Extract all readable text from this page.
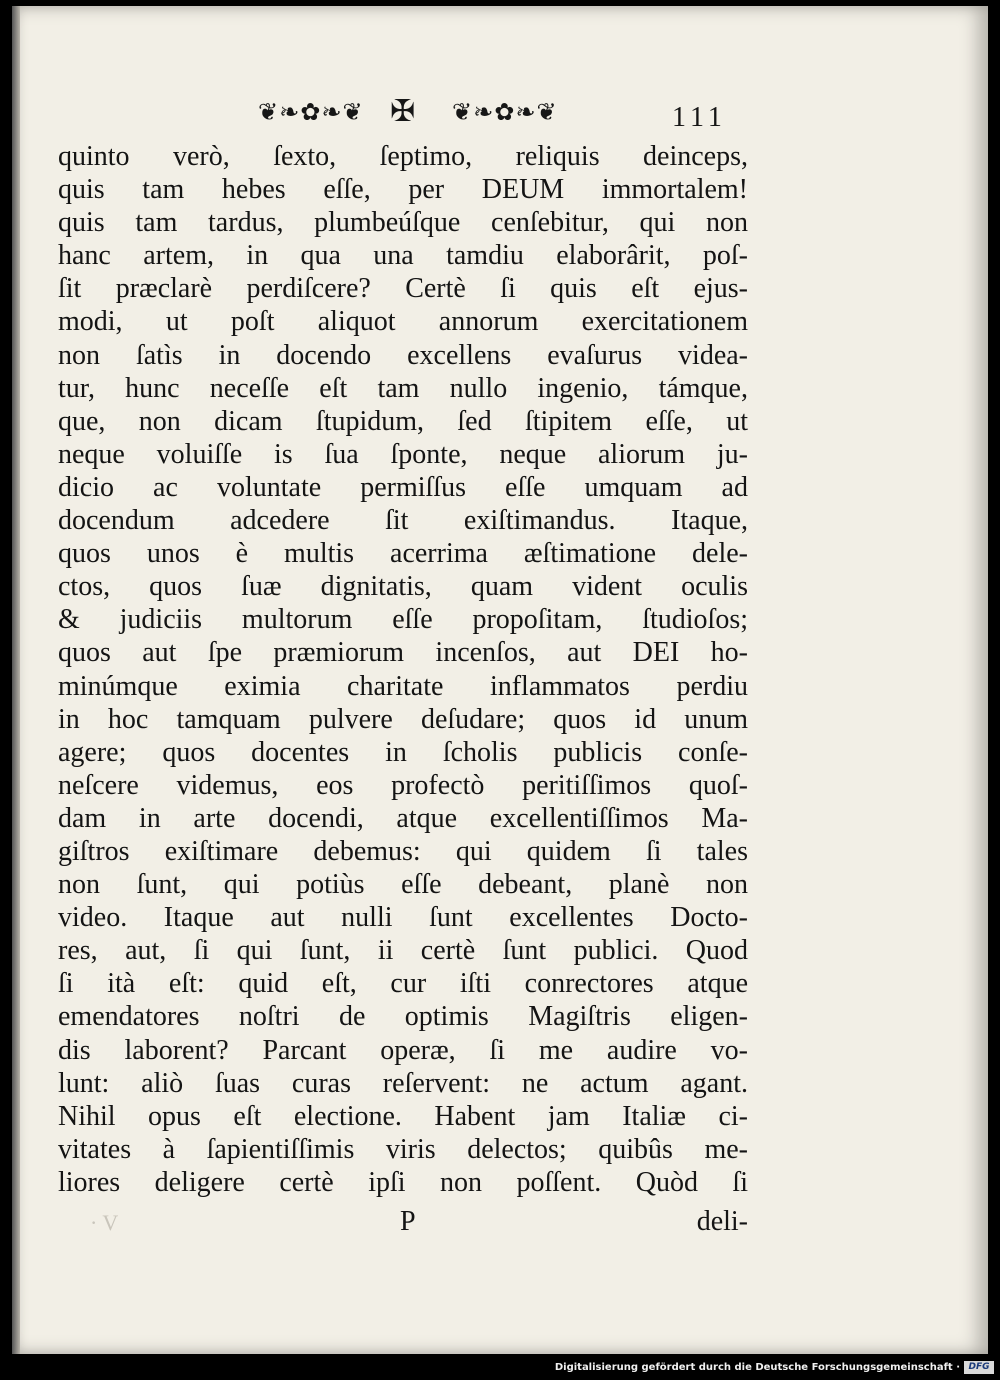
❦❧✿❧❦ ✠ ❦❧✿❧❦	111
quinto verò, ſexto, ſeptimo, reliquis deinceps,
quis tam hebes eſſe, per DEUM immortalem!
quis tam tardus, plumbeúſque cenſebitur, qui non
hanc artem, in qua una tamdiu elaborârit, poſ-
ſit præclarè perdiſcere? Certè ſi quis eſt ejus-
modi, ut poſt aliquot annorum exercitationem
non ſatìs in docendo excellens evaſurus videa-
tur, hunc neceſſe eſt tam nullo ingenio, támque,
que, non dicam ſtupidum, ſed ſtipitem eſſe, ut
neque voluiſſe is ſua ſponte, neque aliorum ju-
dicio ac voluntate permiſſus eſſe umquam ad
docendum adcedere ſit exiſtimandus. Itaque,
quos unos è multis acerrima æſtimatione dele-
ctos, quos ſuæ dignitatis, quam vident oculis
& judiciis multorum eſſe propoſitam, ſtudioſos;
quos aut ſpe præmiorum incenſos, aut DEI ho-
minúmque eximia charitate inflammatos perdiu
in hoc tamquam pulvere deſudare; quos id unum
agere; quos docentes in ſcholis publicis conſe-
neſcere videmus, eos profectò peritiſſimos quoſ-
dam in arte docendi, atque excellentiſſimos Ma-
giſtros exiſtimare debemus: qui quidem ſi tales
non ſunt, qui potiùs eſſe debeant, planè non
video. Itaque aut nulli ſunt excellentes Docto-
res, aut, ſi qui ſunt, ii certè ſunt publici. Quod
ſi ità eſt: quid eſt, cur iſti conrectores atque
emendatores noſtri de optimis Magiſtris eligen-
dis laborent? Parcant operæ, ſi me audire vo-
lunt: aliò ſuas curas reſervent: ne actum agant.
Nihil opus eſt electione. Habent jam Italiæ ci-
vitates à ſapientiſſimis viris delectos; quibûs me-
liores deligere certè ipſi non poſſent. Quòd ſi
· V	P	deli-
Digitalisierung gefördert durch die Deutsche Forschungsgemeinschaft · DFG
